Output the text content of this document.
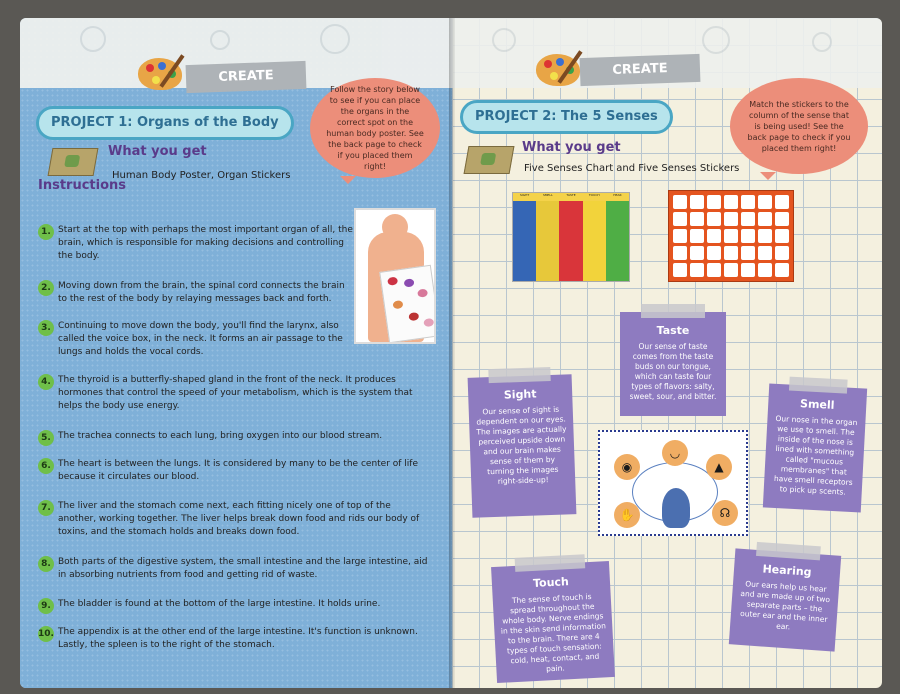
CREATE
PROJECT 1: Organs of the Body
Follow the story below to see if you can place the organs in the correct spot on the human body poster. See the back page to check if you placed them right!
What you get
Human Body Poster, Organ Stickers
Instructions
1. Start at the top with perhaps the most important organ of all, the brain, which is responsible for making decisions and controlling the body.
2. Moving down from the brain, the spinal cord connects the brain to the rest of the body by relaying messages back and forth.
3. Continuing to move down the body, you'll find the larynx, also called the voice box, in the neck. It forms an air passage to the lungs and holds the vocal cords.
4. The thyroid is a butterfly-shaped gland in the front of the neck. It produces hormones that control the speed of your metabolism, which is the system that helps the body use energy.
5. The trachea connects to each lung, bring oxygen into our blood stream.
6. The heart is between the lungs. It is considered by many to be the center of life because it circulates our blood.
7. The liver and the stomach come next, each fitting nicely one of top of the another, working together. The liver helps break down food and rids our body of toxins, and the stomach holds and breaks down food.
8. Both parts of the digestive system, the small intestine and the large intestine, aid in absorbing nutrients from food and getting rid of waste.
9. The bladder is found at the bottom of the large intestine. It holds urine.
10. The appendix is at the other end of the large intestine. It's function is unknown. Lastly, the spleen is to the right of the stomach.
CREATE
PROJECT 2: The 5 Senses
Match the stickers to the column of the sense that is being used! See the back page to check if you placed them right!
What you get
Five Senses Chart and Five Senses Stickers
SIGHT	SMELL	TASTE	TOUCH	HEAR
Taste
Our sense of taste comes from the taste buds on our tongue, which can taste four types of flavors: salty, sweet, sour, and bitter.
Sight
Our sense of sight is dependent on our eyes. The images are actually perceived upside down and our brain makes sense of them by turning the images right-side-up!
Smell
Our nose in the organ we use to smell. The inside of the nose is lined with something called "mucous membranes" that have smell receptors to pick up scents.
Touch
The sense of touch is spread throughout the whole body. Nerve endings in the skin send information to the brain. There are 4 types of touch sensation: cold, heat, contact, and pain.
Hearing
Our ears help us hear and are made up of two separate parts – the outer ear and the inner ear.
◉
◡
▲
✋	☊
